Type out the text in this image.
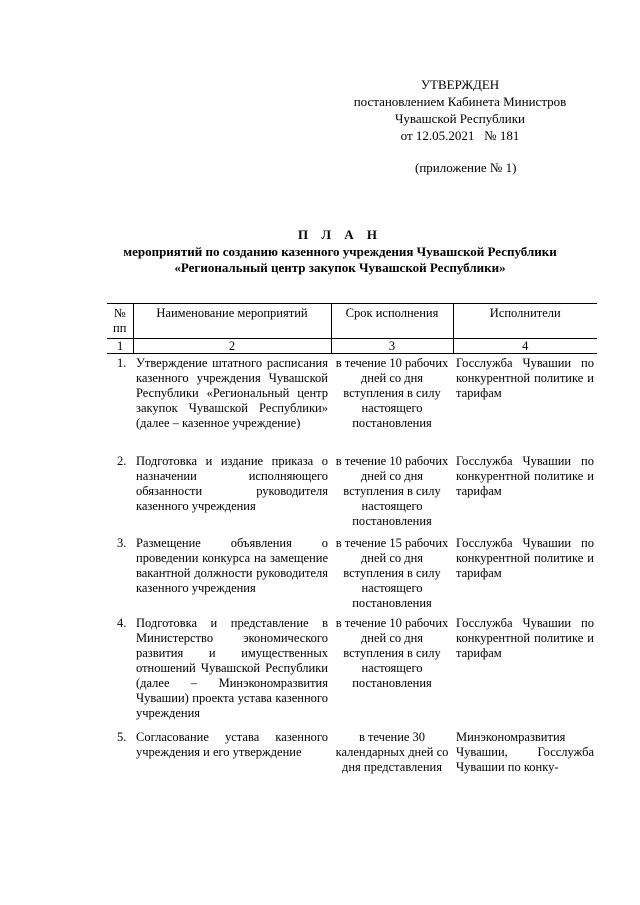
УТВЕРЖДЕН
постановлением Кабинета Министров
Чувашской Республики
от 12.05.2021   № 181
(приложение № 1)
П Л А Н
мероприятий по созданию казенного учреждения Чувашской Республики
«Региональный центр закупок Чувашской Республики»
№ пп	Наименование мероприятий	Срок исполнения	Исполнители
1	2	3	4
1.	Утверждение штатного расписания казенного учреждения Чувашской Республики «Региональный центр закупок Чувашской Республики» (далее – казенное учреждение)	в течение 10 рабочих дней со дня вступления в силу настоящего постановления	Госслужба Чувашии по конкурентной политике и тарифам
2.	Подготовка и издание приказа о назначении исполняющего обязанности руководителя казенного учреждения	в течение 10 рабочих дней со дня вступления в силу настоящего постановления	Госслужба Чувашии по конкурентной политике и тарифам
3.	Размещение объявления о проведении конкурса на замещение вакантной должности руководителя казенного учреждения	в течение 15 рабочих дней со дня вступления в силу настоящего постановления	Госслужба Чувашии по конкурентной политике и тарифам
4.	Подготовка и представление в Министерство экономического развития и имущественных отношений Чувашской Республики (далее – Минэкономразвития Чувашии) проекта устава казенного учреждения	в течение 10 рабочих дней со дня вступления в силу настоящего постановления	Госслужба Чувашии по конкурентной политике и тарифам
5.	Согласование устава казенного учреждения и его утверждение	в течение 30 календарных дней со дня представления	Минэкономразвития Чувашии, Госслужба Чувашии по конку-
